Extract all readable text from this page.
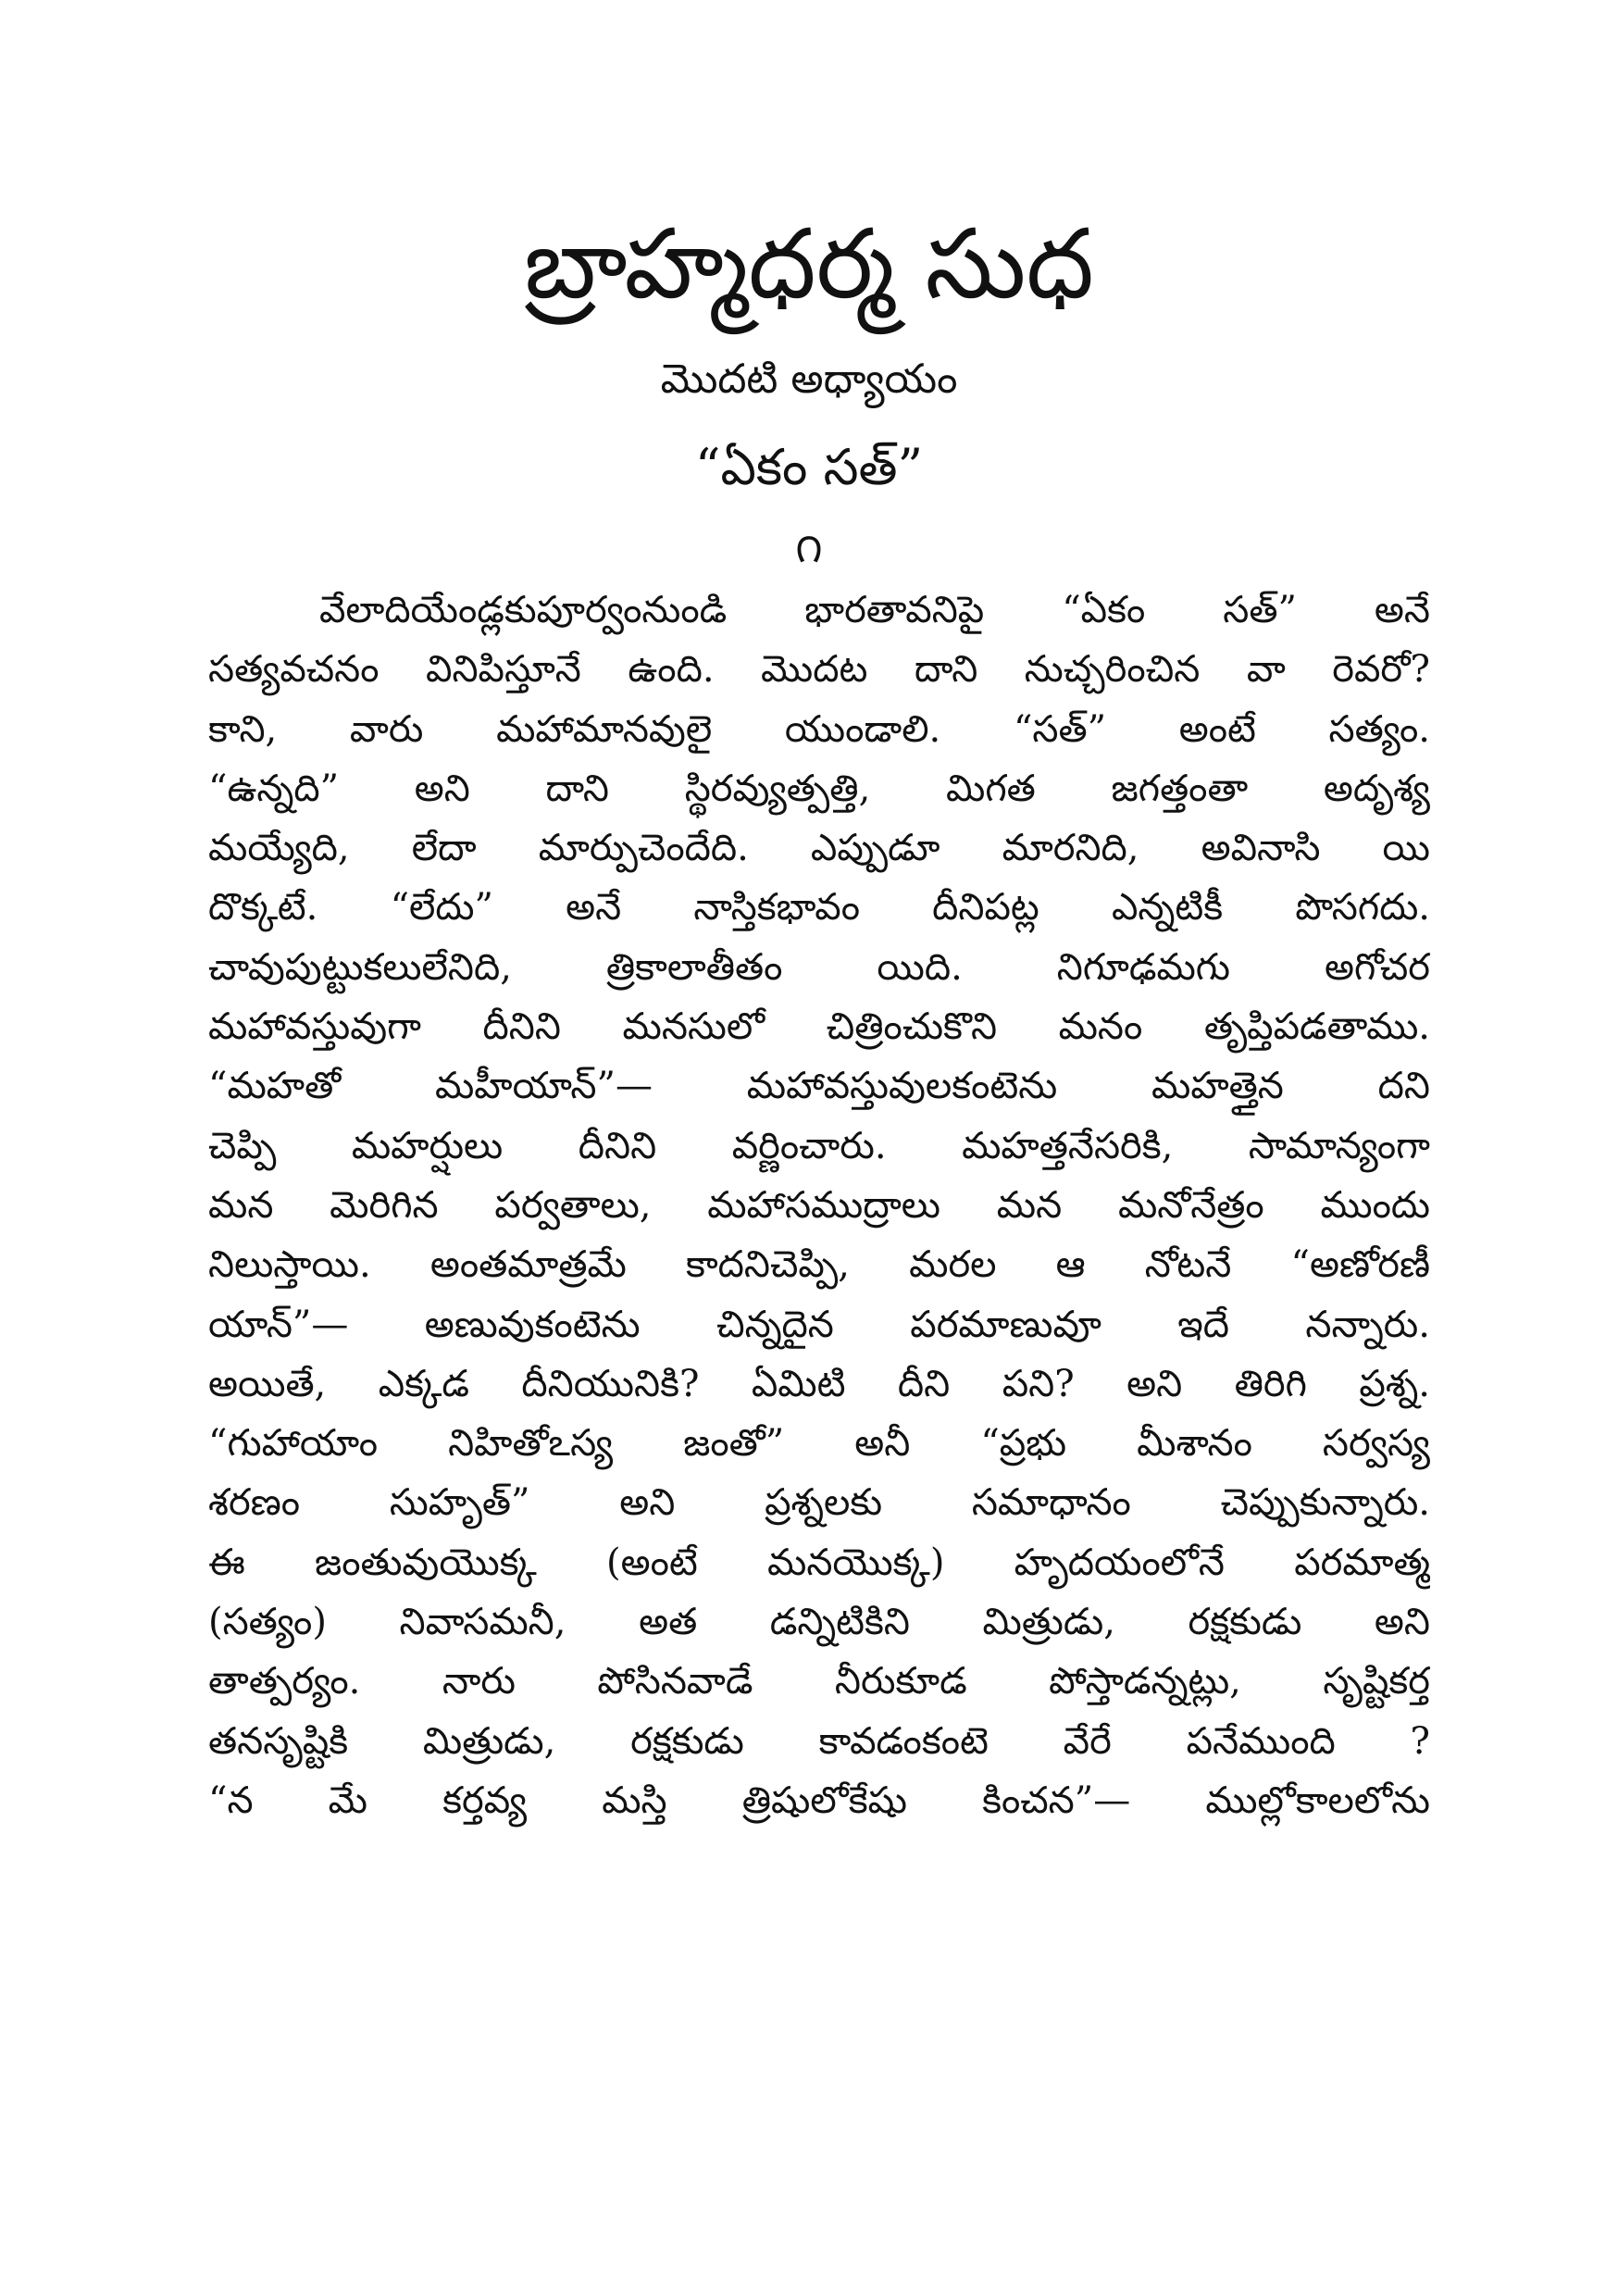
బ్రాహ్మధర్మ సుధ
మొదటి అధ్యాయం
“ఏకం సత్”
౧
వేలాదియేండ్లకుపూర్వంనుండి భారతావనిపై “ఏకం సత్” అనే
సత్యవచనం వినిపిస్తూనే ఉంది. మొదట దాని నుచ్చరించిన వా రెవరో?
కాని, వారు మహామానవులై యుండాలి. “సత్” అంటే సత్యం.
“ఉన్నది” అని దాని స్థిరవ్యుత్పత్తి, మిగత జగత్తంతా అదృశ్య
మయ్యేది, లేదా మార్పుచెందేది. ఎప్పుడూ మారనిది, అవినాసి యి
దొక్కటే. “లేదు” అనే నాస్తికభావం దీనిపట్ల ఎన్నటికీ పొసగదు.
చావుపుట్టుకలులేనిది, త్రికాలాతీతం యిది. నిగూఢమగు అగోచర
మహావస్తువుగా దీనిని మనసులో చిత్రించుకొని మనం తృప్తిపడతాము.
“మహతో మహీయాన్”— మహావస్తువులకంటెను మహత్తైన దని
చెప్పి మహర్షులు దీనిని వర్ణించారు. మహత్తనేసరికి, సామాన్యంగా
మన మెరిగిన పర్వతాలు, మహాసముద్రాలు మన మనోనేత్రం ముందు
నిలుస్తాయి. అంతమాత్రమే కాదనిచెప్పి, మరల ఆ నోటనే “అణోరణీ
యాన్”— అణువుకంటెను చిన్నదైన పరమాణువూ ఇదే నన్నారు.
అయితే, ఎక్కడ దీనియునికి? ఏమిటి దీని పని? అని తిరిగి ప్రశ్న.
“గుహాయాం నిహితోఽస్య జంతో” అనీ “ప్రభు మీశానం సర్వస్య
శరణం సుహృత్” అని ప్రశ్నలకు సమాధానం చెప్పుకున్నారు.
ఈ జంతువుయొక్క (అంటే మనయొక్క) హృదయంలోనే పరమాత్మ
(సత్యం) నివాసమనీ, అత డన్నిటికిని మిత్రుడు, రక్షకుడు అని
తాత్పర్యం. నారు పోసినవాడే నీరుకూడ పోస్తాడన్నట్లు, సృష్టికర్త
తనసృష్టికి మిత్రుడు, రక్షకుడు కావడంకంటె వేరే పనేముంది ?
“న మే కర్తవ్య మస్తి త్రిషులోకేషు కించన”— ముల్లోకాలలోను
